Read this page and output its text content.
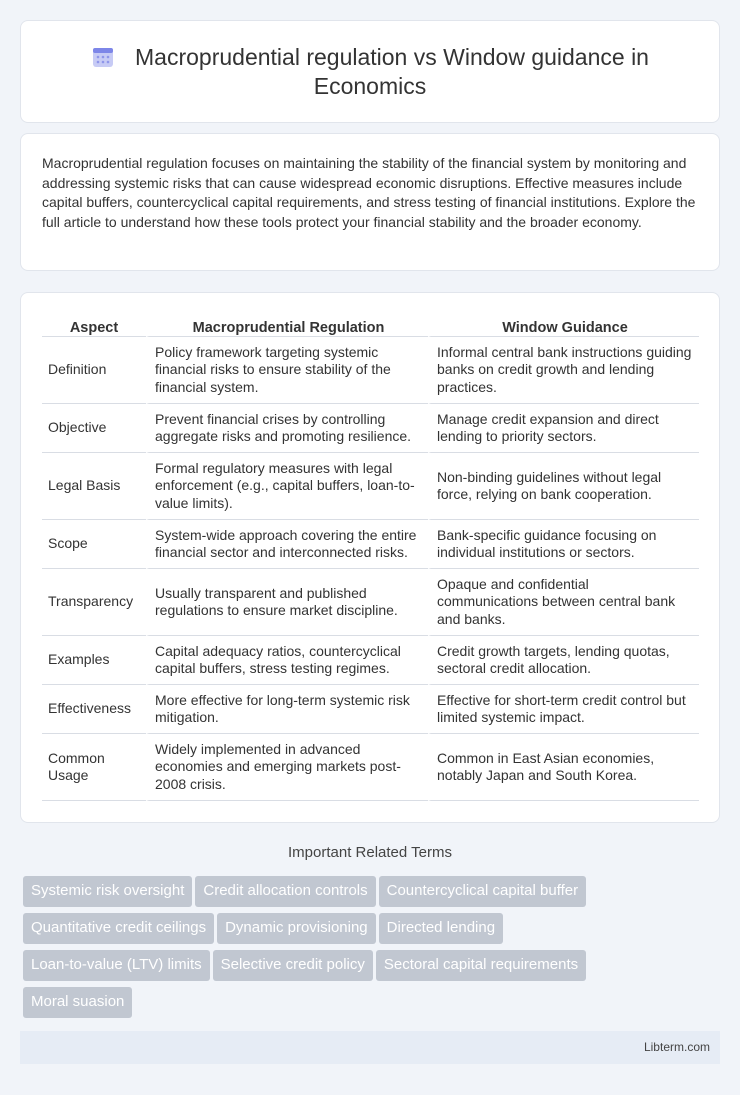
Macroprudential regulation vs Window guidance in
Economics

Macroprudential regulation focuses on maintaining the stability of the financial system by monitoring and addressing systemic risks that can cause widespread economic disruptions. Effective measures include capital buffers, countercyclical capital requirements, and stress testing of financial institutions. Explore the full article to understand how these tools protect your financial stability and the broader economy.

Aspect	Macroprudential Regulation	Window Guidance
Definition	Policy framework targeting systemic financial risks to ensure stability of the financial system.	Informal central bank instructions guiding banks on credit growth and lending practices.
Objective	Prevent financial crises by controlling aggregate risks and promoting resilience.	Manage credit expansion and direct lending to priority sectors.
Legal Basis	Formal regulatory measures with legal enforcement (e.g., capital buffers, loan-to-value limits).	Non-binding guidelines without legal force, relying on bank cooperation.
Scope	System-wide approach covering the entire financial sector and interconnected risks.	Bank-specific guidance focusing on individual institutions or sectors.
Transparency	Usually transparent and published regulations to ensure market discipline.	Opaque and confidential communications between central bank and banks.
Examples	Capital adequacy ratios, countercyclical capital buffers, stress testing regimes.	Credit growth targets, lending quotas, sectoral credit allocation.
Effectiveness	More effective for long-term systemic risk mitigation.	Effective for short-term credit control but limited systemic impact.
Common Usage	Widely implemented in advanced economies and emerging markets post-2008 crisis.	Common in East Asian economies, notably Japan and South Korea.
Important Related Terms
Systemic risk oversight Credit allocation controls Countercyclical capital bufferQuantitative credit ceilings Dynamic provisioning Directed lendingLoan-to-value (LTV) limits Selective credit policy Sectoral capital requirementsMoral suasion
Libterm.com
